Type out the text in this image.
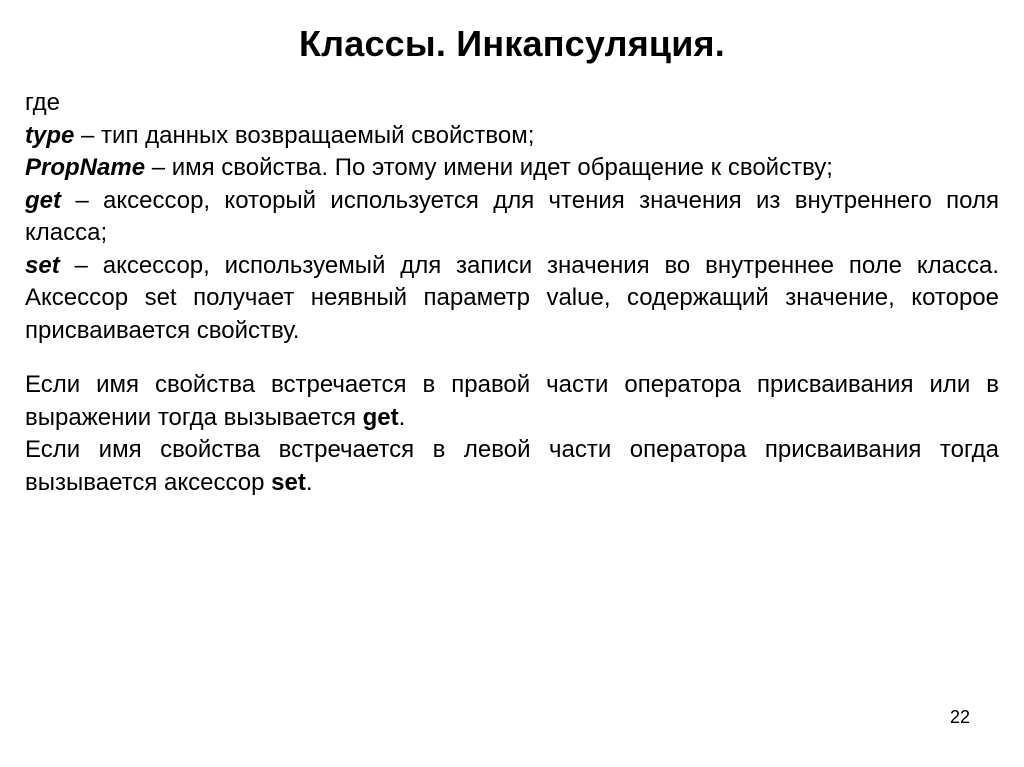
Классы. Инкапсуляция.

где

type – тип данных возвращаемый свойством;

PropName – имя свойства. По этому имени идет обращение к свойству;

get – аксессор, который используется для чтения значения из внутреннего поля класса;

set – аксессор, используемый для записи значения во внутреннее поле класса. Аксессор set получает неявный параметр value, содержащий значение, которое присваивается свойству.

Если имя свойства встречается в правой части оператора присваивания или в выражении тогда вызывается get.

Если имя свойства встречается в левой части оператора присваивания тогда вызывается аксессор set.

22
